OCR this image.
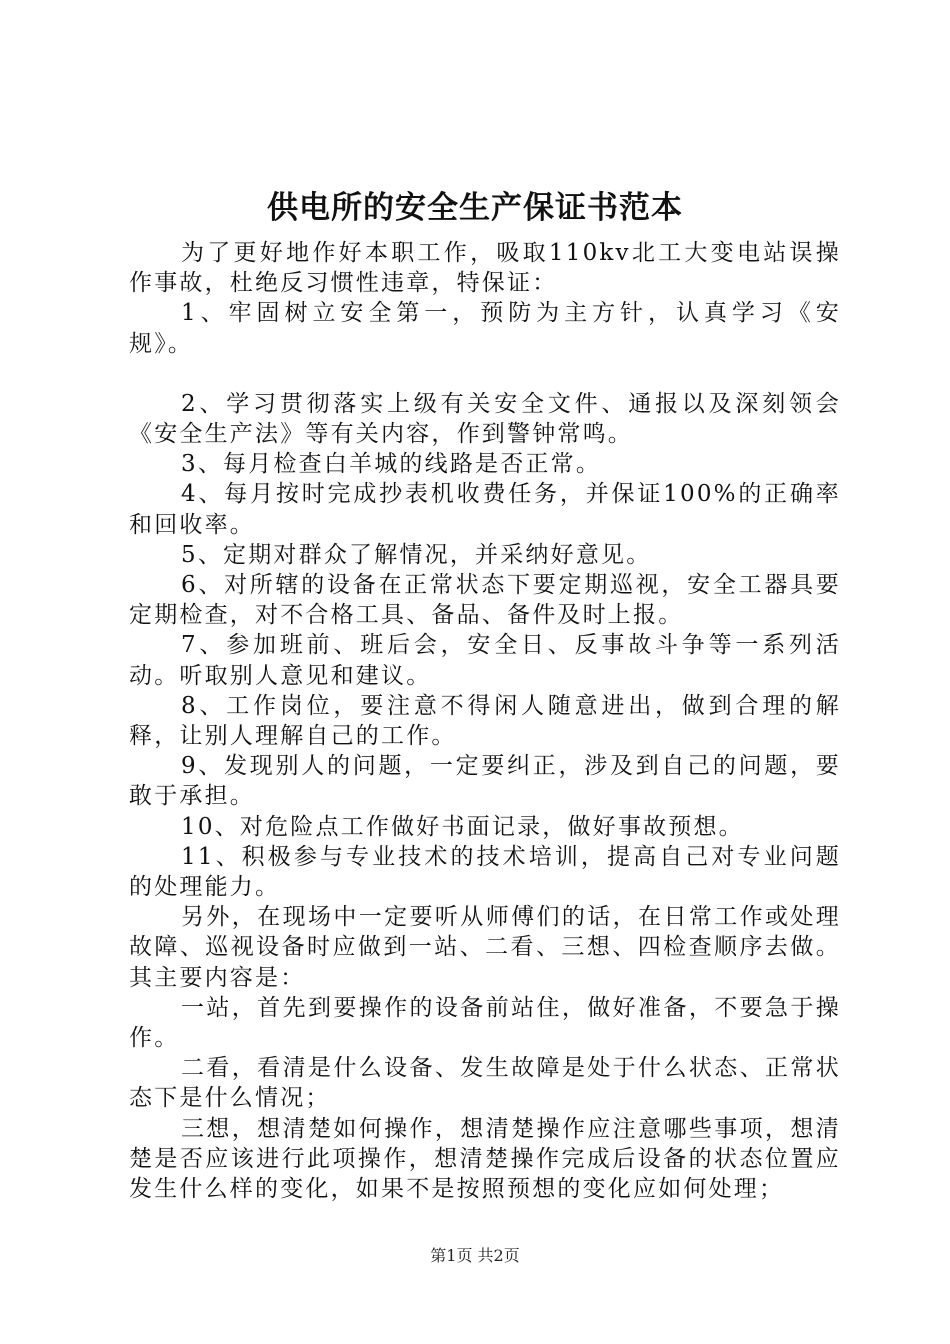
供电所的安全生产保证书范本

为了更好地作好本职工作，吸取110kv北工大变电站误操作事故，杜绝反习惯性违章，特保证：

1、牢固树立安全第一，预防为主方针，认真学习《安规》。

2、学习贯彻落实上级有关安全文件、通报以及深刻领会《安全生产法》等有关内容，作到警钟常鸣。

3、每月检查白羊城的线路是否正常。

4、每月按时完成抄表机收费任务，并保证100%的正确率和回收率。

5、定期对群众了解情况，并采纳好意见。

6、对所辖的设备在正常状态下要定期巡视，安全工器具要定期检查，对不合格工具、备品、备件及时上报。

7、参加班前、班后会，安全日、反事故斗争等一系列活动。听取别人意见和建议。

8、工作岗位，要注意不得闲人随意进出，做到合理的解释，让别人理解自己的工作。

9、发现别人的问题，一定要纠正，涉及到自己的问题，要敢于承担。

10、对危险点工作做好书面记录，做好事故预想。

11、积极参与专业技术的技术培训，提高自己对专业问题的处理能力。

另外，在现场中一定要听从师傅们的话，在日常工作或处理故障、巡视设备时应做到一站、二看、三想、四检查顺序去做。其主要内容是：

一站，首先到要操作的设备前站住，做好准备，不要急于操作。

二看，看清是什么设备、发生故障是处于什么状态、正常状态下是什么情况；

三想，想清楚如何操作，想清楚操作应注意哪些事项，想清楚是否应该进行此项操作，想清楚操作完成后设备的状态位置应发生什么样的变化，如果不是按照预想的变化应如何处理；

第1页 共2页
